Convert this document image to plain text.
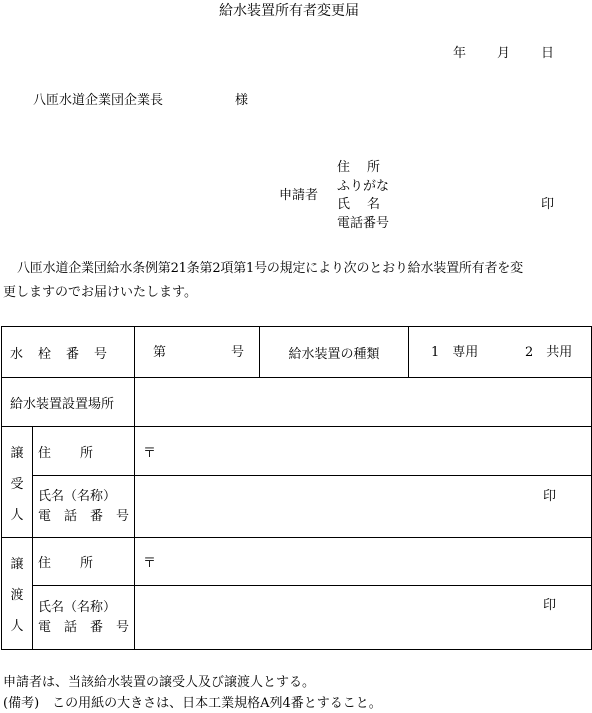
給水装置所有者変更届
年 月 日
八匝水道企業団企業長	様
申請者
住　所
ふりがな
氏　名
電話番号
印
八匝水道企業団給水条例第21条第2項第1号の規定により次のとおり給水装置所有者を変
更しますのでお届けいたします。
水　栓　番　号		第 号	給水装置の種類	1　専用 2　共用

給水装置設置場所				

譲
受
人	住　　所	〒		

	氏名（名称）
電　話　番　号	印		

譲
渡
人	住　　所	〒		

	氏名（名称）
電　話　番　号	印		
申請者は、当該給水装置の譲受人及び譲渡人とする。
(備考)　この用紙の大きさは、日本工業規格A列4番とすること。
